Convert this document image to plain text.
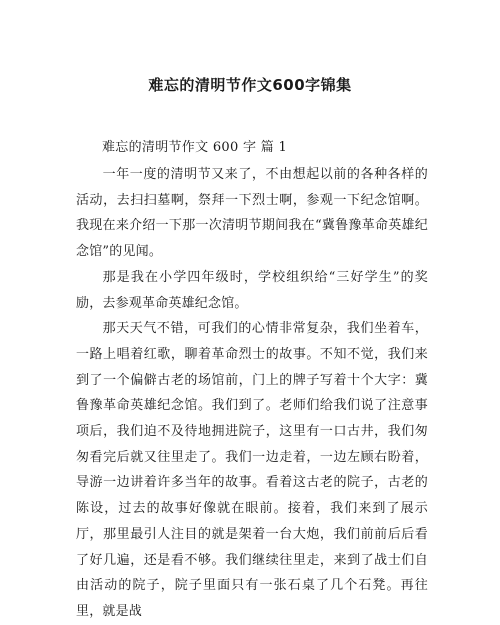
难忘的清明节作文600字锦集
难忘的清明节作文 600 字 篇 1

一年一度的清明节又来了，不由想起以前的各种各样的活动，去扫扫墓啊，祭拜一下烈士啊，参观一下纪念馆啊。我现在来介绍一下那一次清明节期间我在“冀鲁豫革命英雄纪念馆”的见闻。

那是我在小学四年级时，学校组织给“三好学生”的奖励，去参观革命英雄纪念馆。

那天天气不错，可我们的心情非常复杂，我们坐着车，一路上唱着红歌，聊着革命烈士的故事。不知不觉，我们来到了一个偏僻古老的场馆前，门上的牌子写着十个大字：冀鲁豫革命英雄纪念馆。我们到了。老师们给我们说了注意事项后，我们迫不及待地拥进院子，这里有一口古井，我们匆匆看完后就又往里走了。我们一边走着，一边左顾右盼着，导游一边讲着许多当年的故事。看着这古老的院子，古老的陈设，过去的故事好像就在眼前。接着，我们来到了展示厅，那里最引人注目的就是架着一台大炮，我们前前后后看了好几遍，还是看不够。我们继续往里走，来到了战士们自由活动的院子，院子里面只有一张石桌了几个石凳。再往里，就是战
